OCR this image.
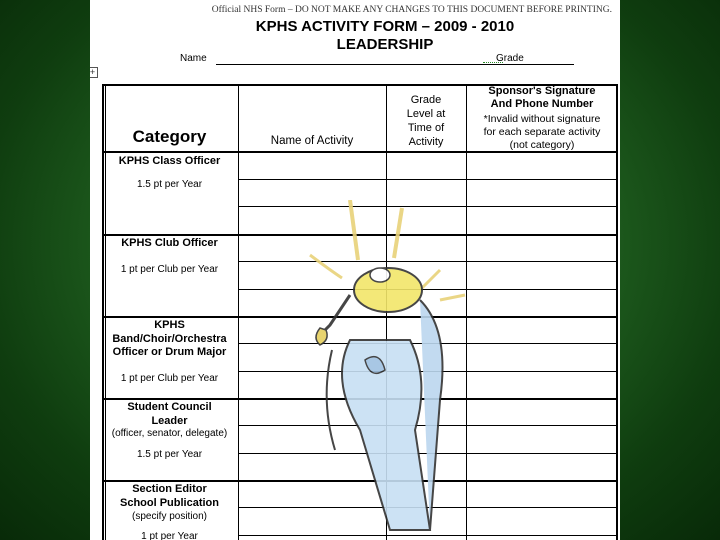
Official NHS Form – DO NOT MAKE ANY CHANGES TO THIS DOCUMENT BEFORE PRINTING.
KPHS ACTIVITY FORM – 2009 - 2010
LEADERSHIP
Name	Grade
+
Category	Name of Activity
Grade
Level at
Time of
Activity
Sponsor's Signature
And Phone Number
*Invalid without signature
for each separate activity
(not category)
KPHS Class Officer
1.5 pt per Year
KPHS Club Officer
1 pt per Club per Year
KPHS
Band/Choir/Orchestra
Officer or Drum Major
1 pt per Club per Year
Student Council
Leader
(officer, senator, delegate)
1.5 pt per Year
Section Editor
School Publication
(specify position)
1 pt per Year
